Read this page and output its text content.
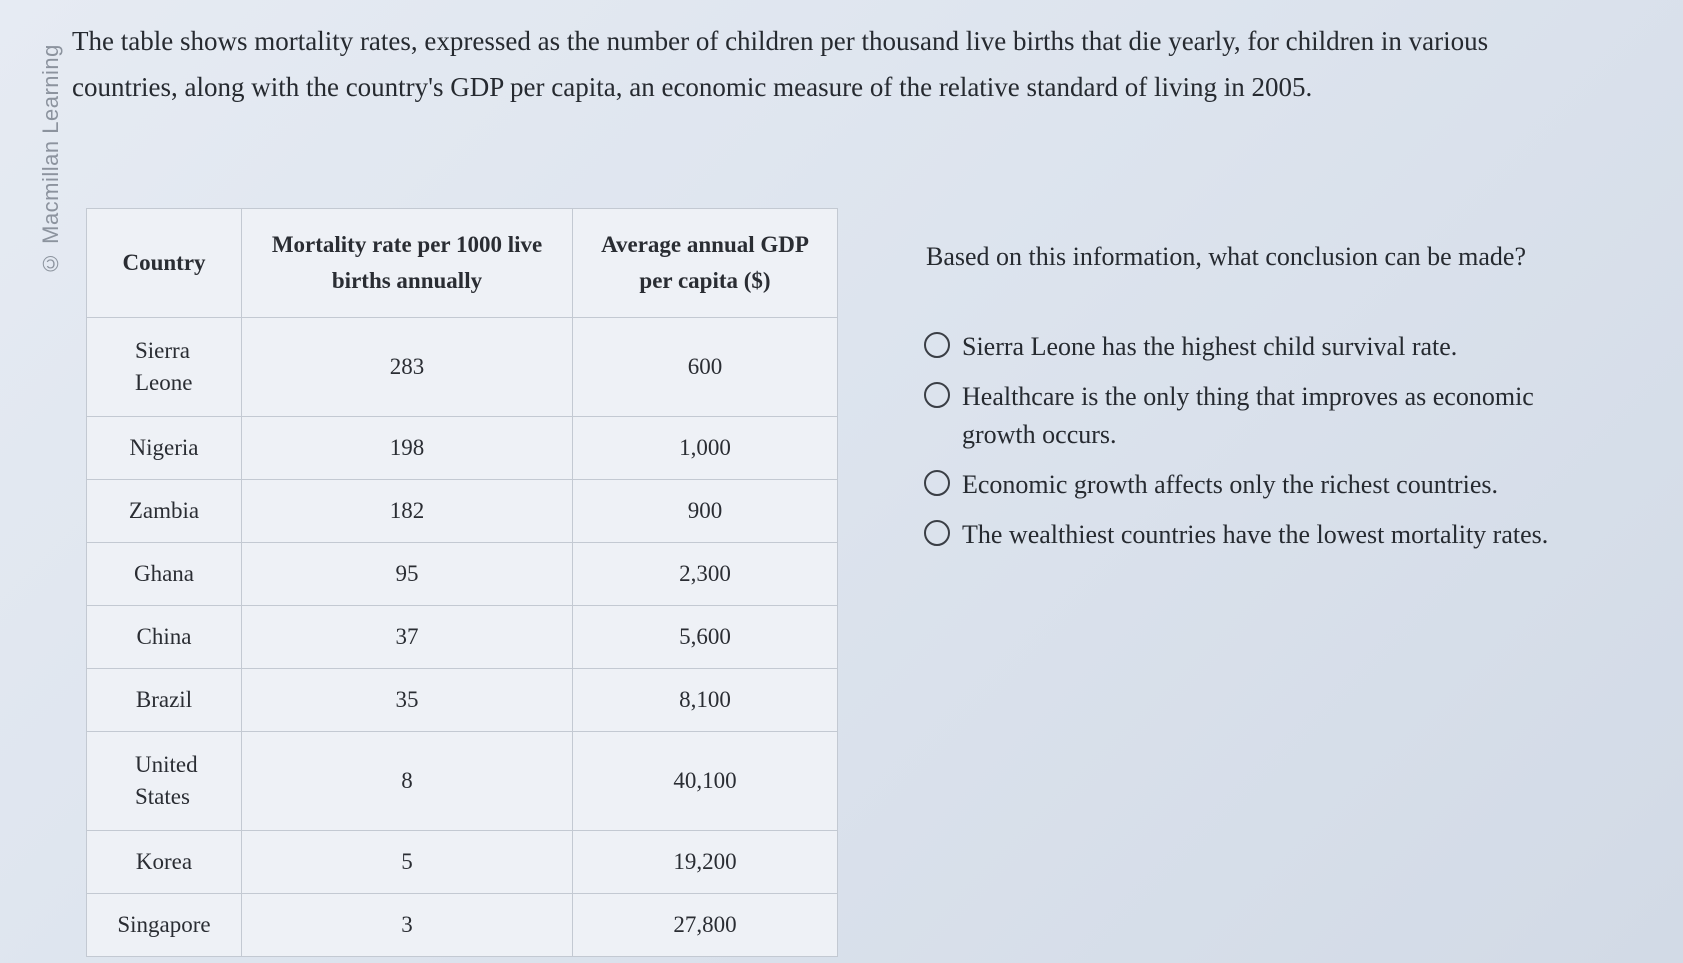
© Macmillan Learning

The table shows mortality rates, expressed as the number of children per thousand live births that die yearly, for children in various countries, along with the country's GDP per capita, an economic measure of the relative standard of living in 2005.

Country	Mortality rate per 1000 live births annually	Average annual GDP per capita ($)
Sierra Leone	283	600
Nigeria	198	1,000
Zambia	182	900
Ghana	95	2,300
China	37	5,600
Brazil	35	8,100
United States	8	40,100
Korea	5	19,200
Singapore	3	27,800

Based on this information, what conclusion can be made?

Sierra Leone has the highest child survival rate.
Healthcare is the only thing that improves as economic growth occurs.
Economic growth affects only the richest countries.
The wealthiest countries have the lowest mortality rates.
